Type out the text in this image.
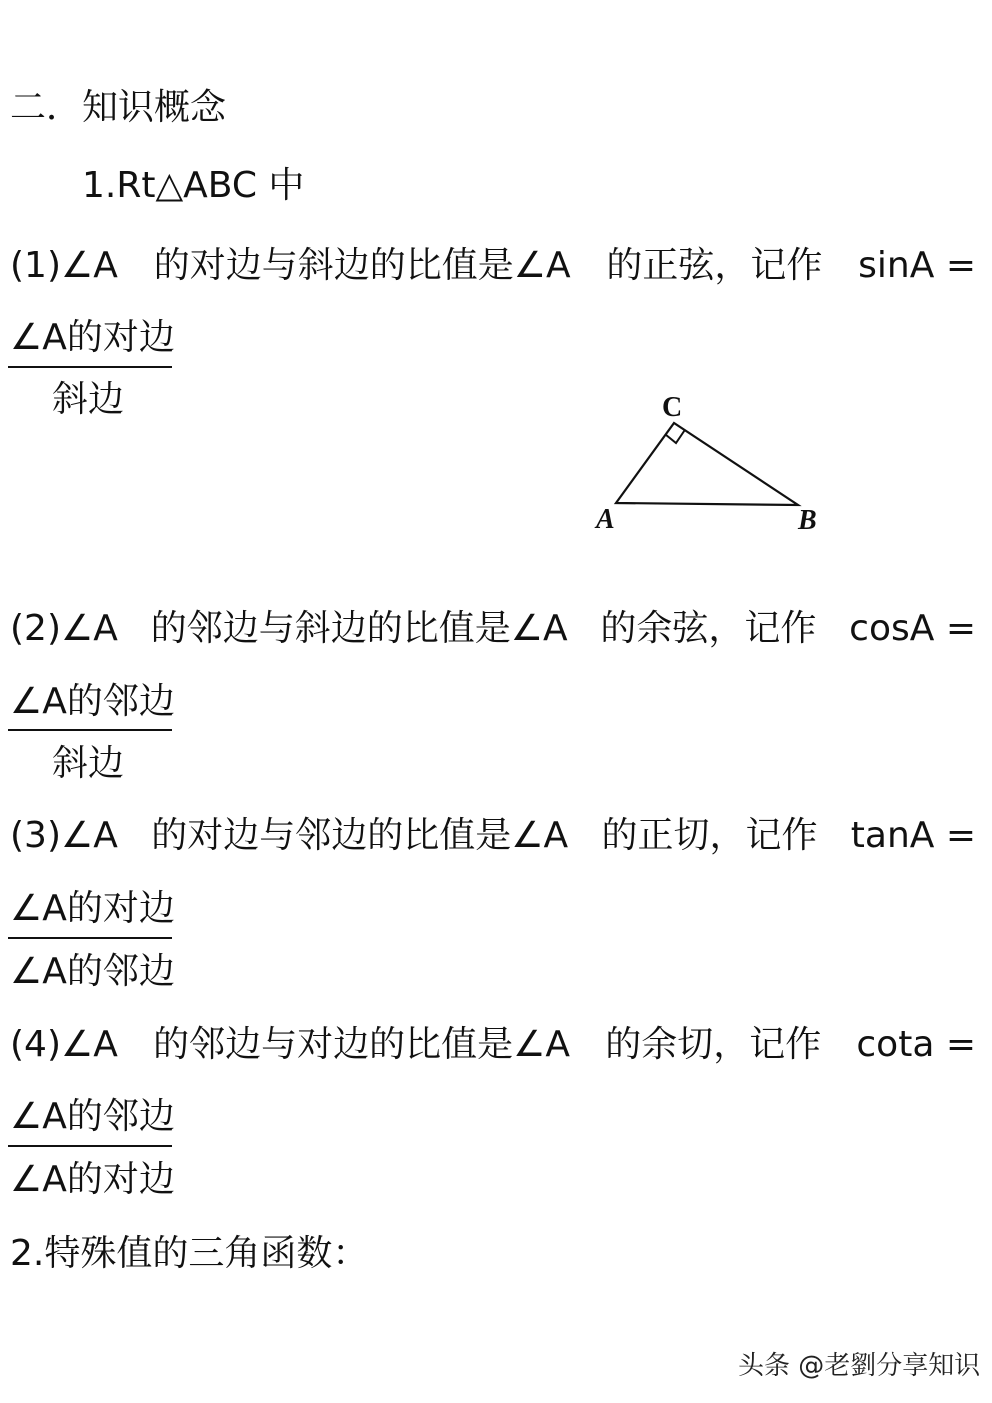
二．知识概念
1.Rt△ABC 中
(1)∠A 的对边与斜边的比值是∠A 的正弦，记作 sinA =
∠A的对边
斜边	C
A	B
(2)∠A 的邻边与斜边的比值是∠A 的余弦，记作 cosA =
∠A的邻边
斜边
(3)∠A 的对边与邻边的比值是∠A 的正切，记作 tanA =
∠A的对边
∠A的邻边
(4)∠A 的邻边与对边的比值是∠A 的余切，记作 cota =
∠A的邻边
∠A的对边
2.特殊值的三角函数：
头条 @老劉分享知识
